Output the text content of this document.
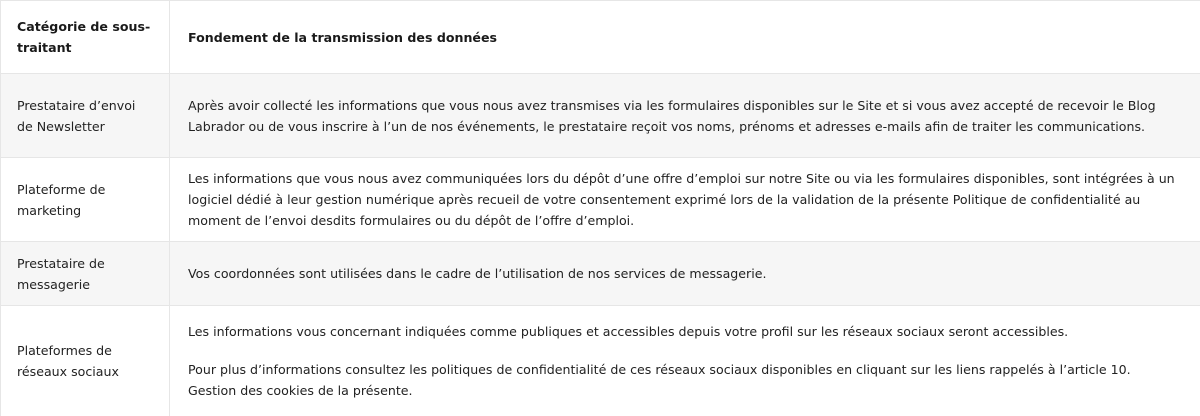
Catégorie de sous-traitant	Fondement de la transmission des données
Prestataire d’envoi de Newsletter	Après avoir collecté les informations que vous nous avez transmises via les formulaires disponibles sur le Site et si vous avez accepté de recevoir le Blog Labrador ou de vous inscrire à l’un de nos événements, le prestataire reçoit vos noms, prénoms et adresses e-mails afin de traiter les communications.

Plateforme de marketing	Les informations que vous nous avez communiquées lors du dépôt d’une offre d’emploi sur notre Site ou via les formulaires disponibles, sont intégrées à un logiciel dédié à leur gestion numérique après recueil de votre consentement exprimé lors de la validation de la présente Politique de confidentialité au moment de l’envoi desdits formulaires ou du dépôt de l’offre d’emploi.

Prestataire de messagerie	Vos coordonnées sont utilisées dans le cadre de l’utilisation de nos services de messagerie.

Plateformes de réseaux sociaux	Les informations vous concernant indiquées comme publiques et accessibles depuis votre profil sur les réseaux sociaux seront accessibles.

Pour plus d’informations consultez les politiques de confidentialité de ces réseaux sociaux disponibles en cliquant sur les liens rappelés à l’article 10. Gestion des cookies de la présente.
